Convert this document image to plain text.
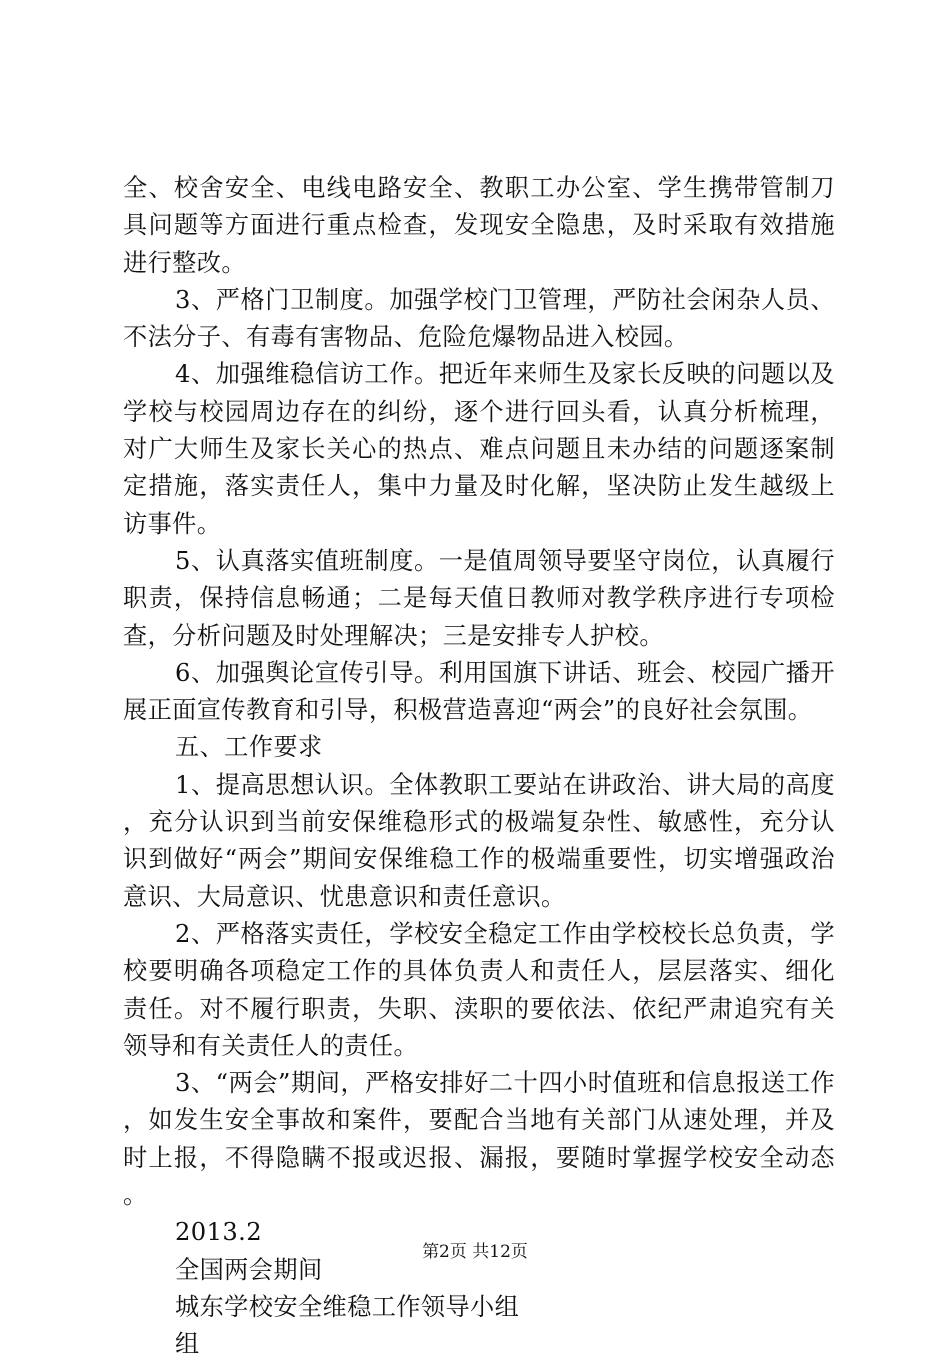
全、校舍安全、电线电路安全、教职工办公室、学生携带管制刀具问题等方面进行重点检查，发现安全隐患，及时采取有效措施进行整改。

3、严格门卫制度。加强学校门卫管理，严防社会闲杂人员、不法分子、有毒有害物品、危险危爆物品进入校园。

4、加强维稳信访工作。把近年来师生及家长反映的问题以及学校与校园周边存在的纠纷，逐个进行回头看，认真分析梳理，对广大师生及家长关心的热点、难点问题且未办结的问题逐案制定措施，落实责任人，集中力量及时化解，坚决防止发生越级上访事件。

5、认真落实值班制度。一是值周领导要坚守岗位，认真履行职责，保持信息畅通；二是每天值日教师对教学秩序进行专项检查，分析问题及时处理解决；三是安排专人护校。

6、加强舆论宣传引导。利用国旗下讲话、班会、校园广播开展正面宣传教育和引导，积极营造喜迎“两会”的良好社会氛围。

五、工作要求

1、提高思想认识。全体教职工要站在讲政治、讲大局的高度，充分认识到当前安保维稳形式的极端复杂性、敏感性，充分认识到做好“两会”期间安保维稳工作的极端重要性，切实增强政治意识、大局意识、忧患意识和责任意识。

2、严格落实责任，学校安全稳定工作由学校校长总负责，学校要明确各项稳定工作的具体负责人和责任人，层层落实、细化责任。对不履行职责，失职、渎职的要依法、依纪严肃追究有关领导和有关责任人的责任。

3、“两会”期间，严格安排好二十四小时值班和信息报送工作，如发生安全事故和案件，要配合当地有关部门从速处理，并及时上报，不得隐瞒不报或迟报、漏报，要随时掌握学校安全动态。

2013.2

全国两会期间

城东学校安全维稳工作领导小组

组

第2页 共12页
